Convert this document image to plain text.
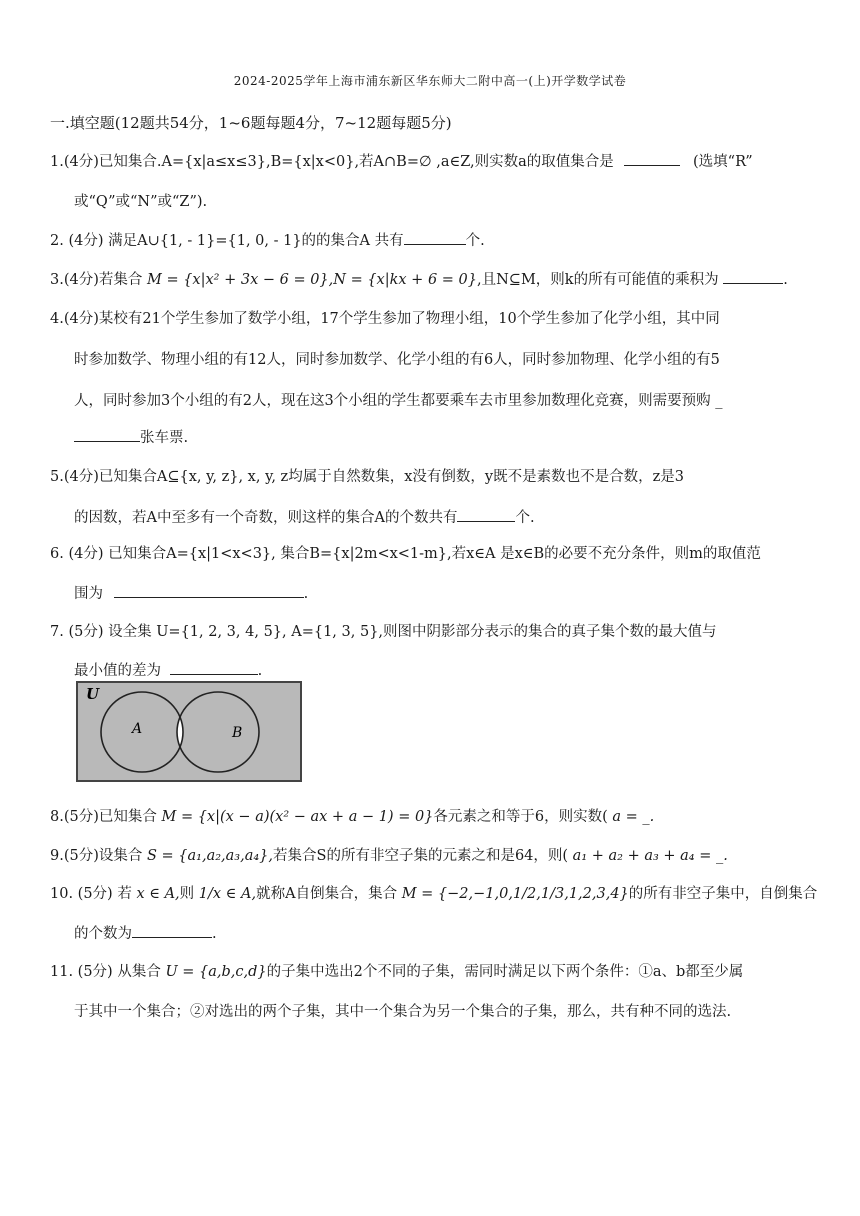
2024-2025学年上海市浦东新区华东师大二附中高一(上)开学数学试卷
一.填空题(12题共54分，1~6题每题4分，7~12题每题5分)
1.(4分)已知集合.A={x|a≤x≤3},B={x|x<0},若A∩B=∅ ,a∈Z,则实数a的取值集合是	(选填“R”
或“Q”或“N”或“Z”).
2. (4分) 满足A∪{1, - 1}={1, 0, - 1}的的集合A 共有	个.
3.(4分)若集合 M = {x|x² + 3x − 6 = 0},N = {x|kx + 6 = 0},且N⊆M，则k的所有可能值的乘积为	.
4.(4分)某校有21个学生参加了数学小组，17个学生参加了物理小组，10个学生参加了化学小组，其中同
时参加数学、物理小组的有12人，同时参加数学、化学小组的有6人，同时参加物理、化学小组的有5
人，同时参加3个小组的有2人，现在这3个小组的学生都要乘车去市里参加数理化竞赛，则需要预购 _
张车票.
5.(4分)已知集合A⊆{x, y, z}, x, y, z均属于自然数集，x没有倒数，y既不是素数也不是合数，z是3
的因数，若A中至多有一个奇数，则这样的集合A的个数共有	个.
6. (4分) 已知集合A={x|1<x<3}, 集合B={x|2m<x<1-m},若x∈A 是x∈B的必要不充分条件，则m的取值范
围为	.
7. (5分) 设全集 U={1, 2, 3, 4, 5}, A={1, 3, 5},则图中阴影部分表示的集合的真子集个数的最大值与
最小值的差为	.
U
A	B
8.(5分)已知集合 M = {x|(x − a)(x² − ax + a − 1) = 0}各元素之和等于6，则实数( a = _.
9.(5分)设集合 S = {a₁,a₂,a₃,a₄},若集合S的所有非空子集的元素之和是64，则( a₁ + a₂ + a₃ + a₄ = _.
10. (5分) 若 x ∈ A,则 1/x ∈ A,就称A自倒集合，集合 M = {−2,−1,0,1/2,1/3,1,2,3,4}的所有非空子集中，自倒集合
的个数为	.
11. (5分) 从集合 U = {a,b,c,d}的子集中选出2个不同的子集，需同时满足以下两个条件：①a、b都至少属
于其中一个集合；②对选出的两个子集，其中一个集合为另一个集合的子集，那么，共有种不同的选法.
